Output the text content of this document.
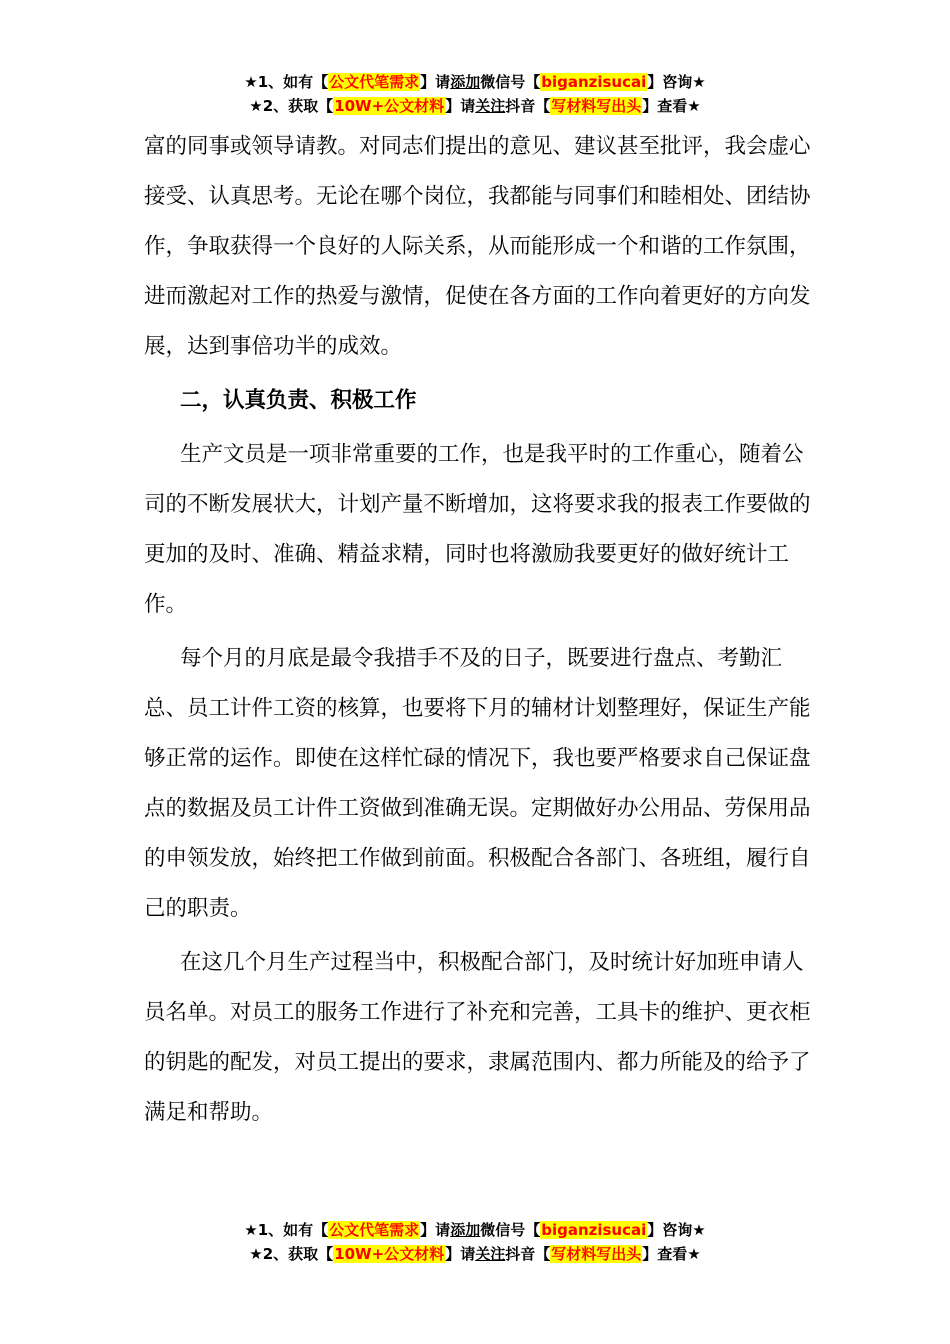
★1、如有【公文代笔需求】请添加微信号【biganzisucai】咨询★
★2、获取【10W+公文材料】请关注抖音【写材料写出头】查看★

富的同事或领导请教。对同志们提出的意见、建议甚至批评，我会虚心接受、认真思考。无论在哪个岗位，我都能与同事们和睦相处、团结协作，争取获得一个良好的人际关系，从而能形成一个和谐的工作氛围，进而激起对工作的热爱与激情，促使在各方面的工作向着更好的方向发展，达到事倍功半的成效。

二，认真负责、积极工作

生产文员是一项非常重要的工作，也是我平时的工作重心，随着公司的不断发展状大，计划产量不断增加，这将要求我的报表工作要做的更加的及时、准确、精益求精，同时也将激励我要更好的做好统计工作。

每个月的月底是最令我措手不及的日子，既要进行盘点、考勤汇总、员工计件工资的核算，也要将下月的辅材计划整理好，保证生产能够正常的运作。即使在这样忙碌的情况下，我也要严格要求自己保证盘点的数据及员工计件工资做到准确无误。定期做好办公用品、劳保用品的申领发放，始终把工作做到前面。积极配合各部门、各班组，履行自己的职责。

在这几个月生产过程当中，积极配合部门，及时统计好加班申请人员名单。对员工的服务工作进行了补充和完善，工具卡的维护、更衣柜的钥匙的配发，对员工提出的要求，隶属范围内、都力所能及的给予了满足和帮助。

★1、如有【公文代笔需求】请添加微信号【biganzisucai】咨询★
★2、获取【10W+公文材料】请关注抖音【写材料写出头】查看★
